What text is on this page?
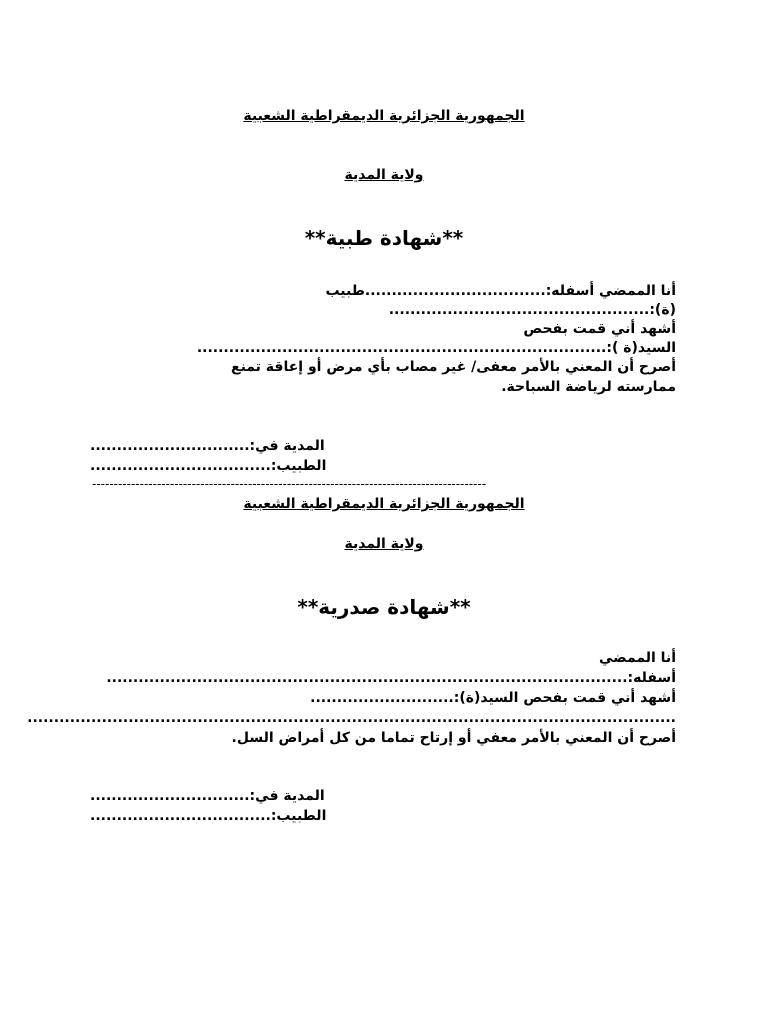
الجمهورية الجزائرية الديمقراطية الشعبية
ولاية المدية
**شهادة طبية**
أنا الممضي أسفله:..................................طبيب
(ة):.................................................
أشهد أني قمت بفحص
السيد(ة ):.............................................................................
أصرح أن المعني بالأمر معفى/ غير مصاب بأي مرض أو إعاقة تمنع
ممارسته لرياضة السباحة.
المدية في:..............................
الطبيب:..................................
-------------------------------------------------------------------------------------------
الجمهورية الجزائرية الديمقراطية الشعبية
ولاية المدية
**شهادة صدرية**
أنا الممضي
أسفله:..................................................................................................
أشهد أني قمت بفحص السيد(ة):...........................
..........................................................................................................................
أصرح أن المعني بالأمر معفي أو إرتاح تماما من كل أمراض السل.
المدية في:..............................
الطبيب:..................................
